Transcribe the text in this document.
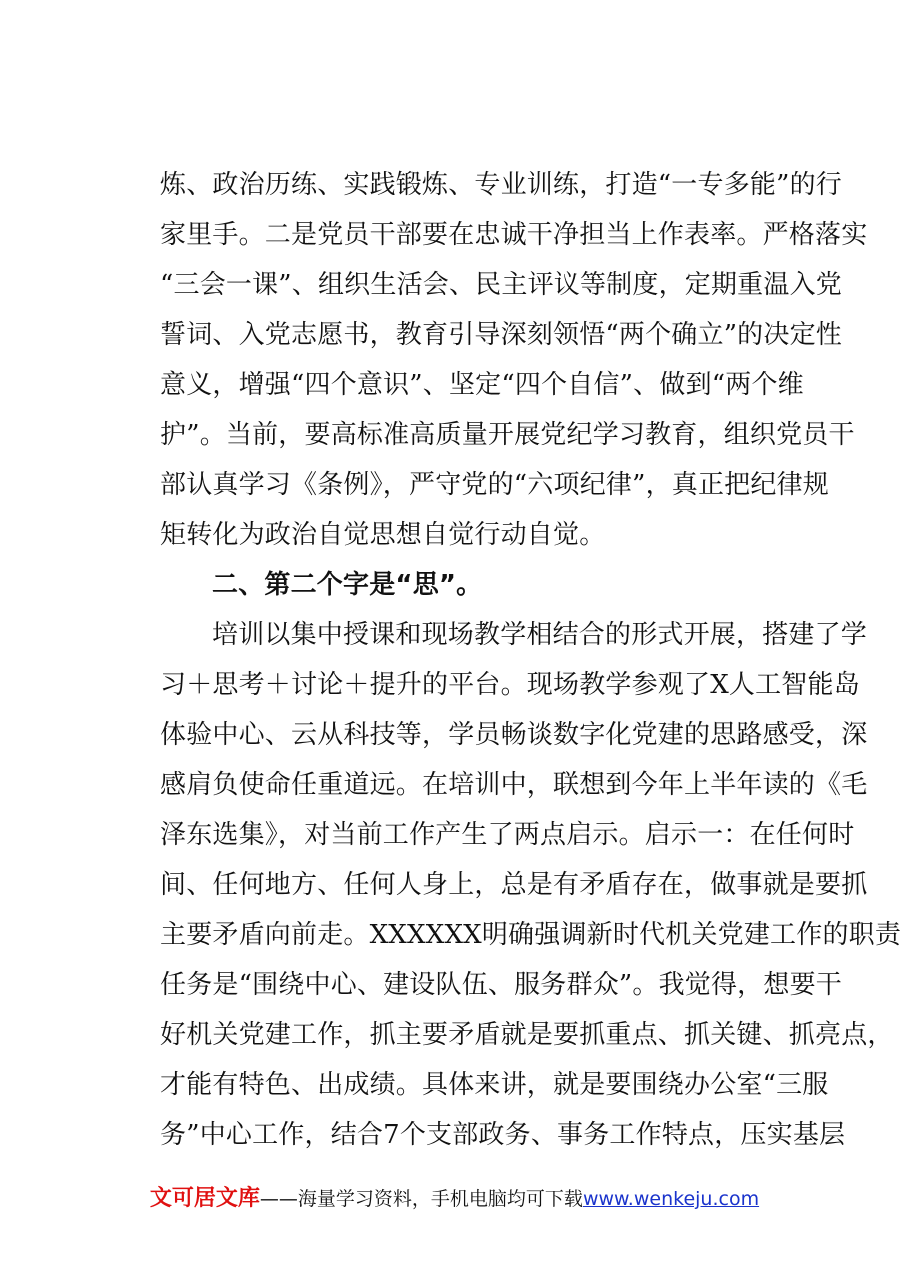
炼、政治历练、实践锻炼、专业训练，打造“一专多能”的行
家里手。二是党员干部要在忠诚干净担当上作表率。严格落实
“三会一课”、组织生活会、民主评议等制度，定期重温入党
誓词、入党志愿书，教育引导深刻领悟“两个确立”的决定性
意义，增强“四个意识”、坚定“四个自信”、做到“两个维
护”。当前，要高标准高质量开展党纪学习教育，组织党员干
部认真学习《条例》，严守党的“六项纪律”，真正把纪律规
矩转化为政治自觉思想自觉行动自觉。
二、第二个字是“思”。
培训以集中授课和现场教学相结合的形式开展，搭建了学
习＋思考＋讨论＋提升的平台。现场教学参观了X人工智能岛
体验中心、云从科技等，学员畅谈数字化党建的思路感受，深
感肩负使命任重道远。在培训中，联想到今年上半年读的《毛
泽东选集》，对当前工作产生了两点启示。启示一：在任何时
间、任何地方、任何人身上，总是有矛盾存在，做事就是要抓
主要矛盾向前走。XXXXXX明确强调新时代机关党建工作的职责
任务是“围绕中心、建设队伍、服务群众”。我觉得，想要干
好机关党建工作，抓主要矛盾就是要抓重点、抓关键、抓亮点，
才能有特色、出成绩。具体来讲，就是要围绕办公室“三服
务”中心工作，结合7个支部政务、事务工作特点，压实基层
文可居文库——海量学习资料，手机电脑均可下载www.wenkeju.com
